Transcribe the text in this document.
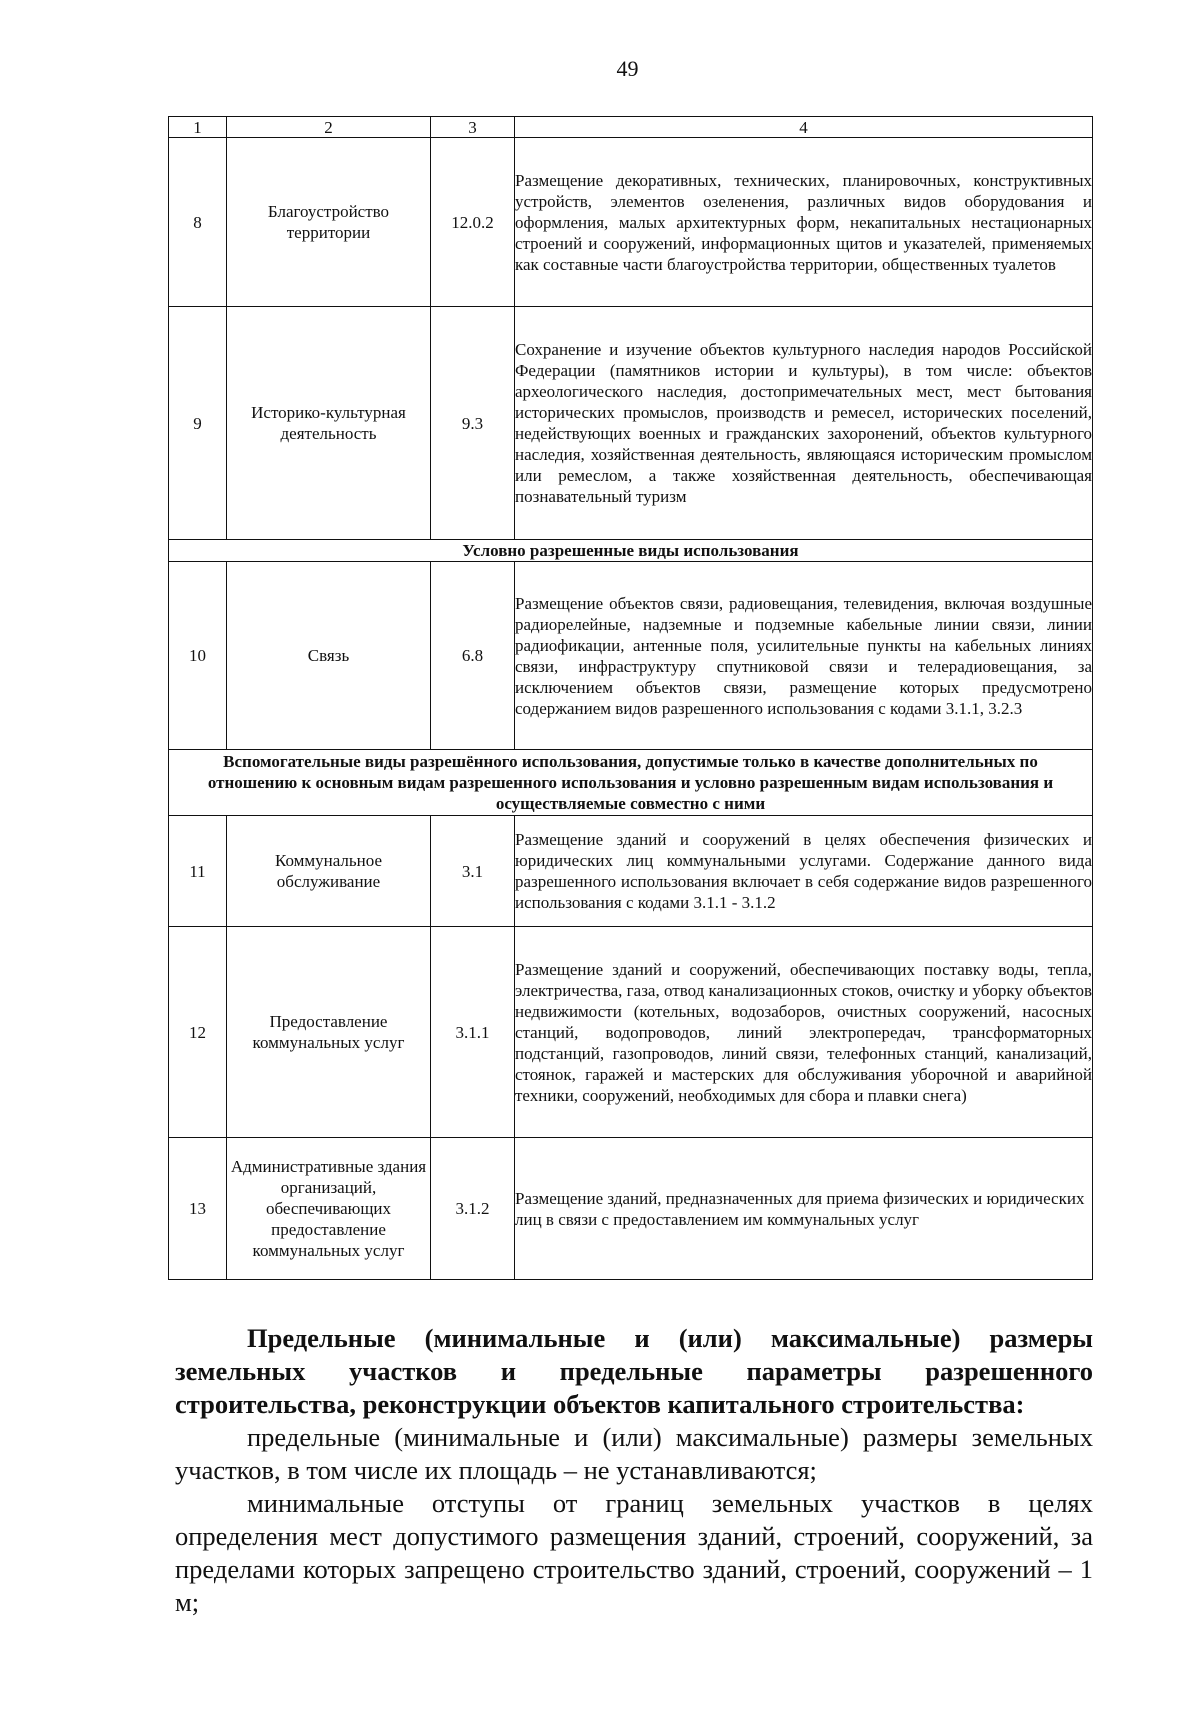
49
1	2	3	4
8	Благоустройство территории	12.0.2	Размещение декоративных, технических, планировочных, конструктивных устройств, элементов озеленения, различных видов оборудования и оформления, малых архитектурных форм, некапитальных нестационарных строений и сооружений, информационных щитов и указателей, применяемых как составные части благоустройства территории, общественных туалетов
9	Историко-культурная деятельность	9.3	Сохранение и изучение объектов культурного наследия народов Российской Федерации (памятников истории и культуры), в том числе: объектов археологического наследия, достопримечательных мест, мест бытования исторических промыслов, производств и ремесел, исторических поселений, недействующих военных и гражданских захоронений, объектов культурного наследия, хозяйственная деятельность, являющаяся историческим промыслом или ремеслом, а также хозяйственная деятельность, обеспечивающая познавательный туризм
Условно разрешенные виды использования			
10	Связь	6.8	Размещение объектов связи, радиовещания, телевидения, включая воздушные радиорелейные, надземные и подземные кабельные линии связи, линии радиофикации, антенные поля, усилительные пункты на кабельных линиях связи, инфраструктуру спутниковой связи и телерадиовещания, за исключением объектов связи, размещение которых предусмотрено содержанием видов разрешенного использования с кодами 3.1.1, 3.2.3
Вспомогательные виды разрешённого использования, допустимые только в качестве дополнительных по отношению к основным видам разрешенного использования и условно разрешенным видам использования и осуществляемые совместно с ними			
11	Коммунальное обслуживание	3.1	Размещение зданий и сооружений в целях обеспечения физических и юридических лиц коммунальными услугами. Содержание данного вида разрешенного использования включает в себя содержание видов разрешенного использования с кодами 3.1.1 - 3.1.2
12	Предоставление коммунальных услуг	3.1.1	Размещение зданий и сооружений, обеспечивающих поставку воды, тепла, электричества, газа, отвод канализационных стоков, очистку и уборку объектов недвижимости (котельных, водозаборов, очистных сооружений, насосных станций, водопроводов, линий электропередач, трансформаторных подстанций, газопроводов, линий связи, телефонных станций, канализаций, стоянок, гаражей и мастерских для обслуживания уборочной и аварийной техники, сооружений, необходимых для сбора и плавки снега)
13	Административные здания организаций, обеспечивающих предоставление коммунальных услуг	3.1.2	Размещение зданий, предназначенных для приема физических и юридических лиц в связи с предоставлением им коммунальных услуг

Предельные (минимальные и (или) максимальные) размеры земельных участков и предельные параметры разрешенного строительства, реконструкции объектов капитального строительства:

предельные (минимальные и (или) максимальные) размеры земельных участков, в том числе их площадь – не устанавливаются;

минимальные отступы от границ земельных участков в целях определения мест допустимого размещения зданий, строений, сооружений, за пределами которых запрещено строительство зданий, строений, сооружений – 1 м;
